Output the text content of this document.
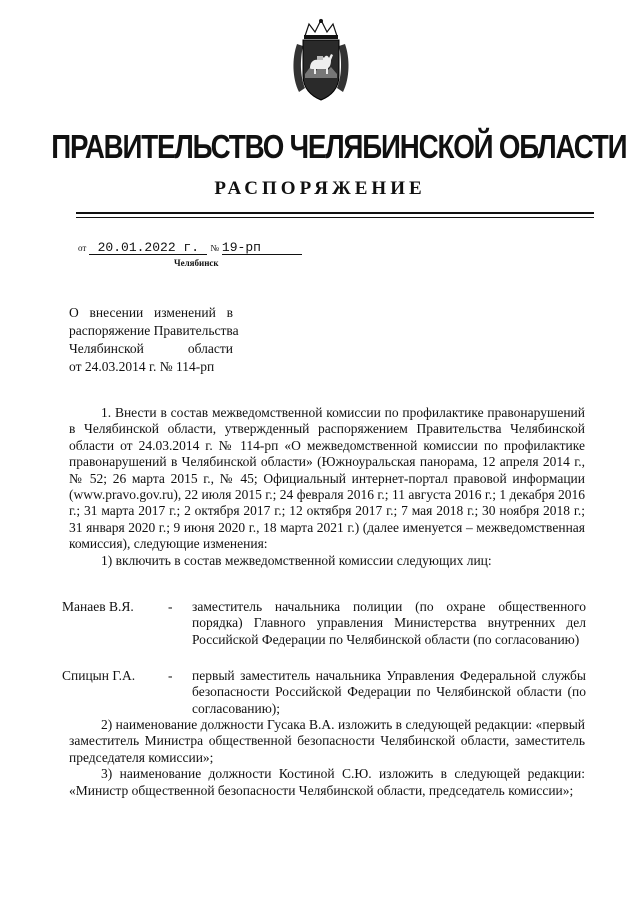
ПРАВИТЕЛЬСТВО ЧЕЛЯБИНСКОЙ ОБЛАСТИ
РАСПОРЯЖЕНИЕ
от 20.01.2022 г. № 19-рп
Челябинск
О внесении изменений в
распоряжение Правительства
Челябинской	области
от 24.03.2014 г. № 114-рп

1. Внести в состав межведомственной комиссии по профилактике правонарушений в Челябинской области, утвержденный распоряжением Правительства Челябинской области от 24.03.2014 г. № 114-рп «О межведомственной комиссии по профилактике правонарушений в Челябинской области» (Южноуральская панорама, 12 апреля 2014 г., № 52; 26 марта 2015 г., № 45; Официальный интернет-портал правовой информации (www.pravo.gov.ru), 22 июля 2015 г.; 24 февраля 2016 г.; 11 августа 2016 г.; 1 декабря 2016 г.; 31 марта 2017 г.; 2 октября 2017 г.; 12 октября 2017 г.; 7 мая 2018 г.; 30 ноября 2018 г.; 31 января 2020 г.; 9 июня 2020 г., 18 марта 2021 г.) (далее именуется – межведомственная комиссия), следующие изменения:

1) включить в состав межведомственной комиссии следующих лиц:

Манаев В.Я.	- заместитель начальника полиции (по охране общественного порядка) Главного управления Министерства внутренних дел Российской Федерации по Челябинской области (по согласованию)
Спицын Г.А. - первый заместитель начальника Управления Федеральной службы безопасности Российской Федерации по Челябинской области (по согласованию);

2) наименование должности Гусака В.А. изложить в следующей редакции: «первый заместитель Министра общественной безопасности Челябинской области, заместитель председателя комиссии»;

3) наименование должности Костиной С.Ю. изложить в следующей редакции: «Министр общественной безопасности Челябинской области, председатель комиссии»;
